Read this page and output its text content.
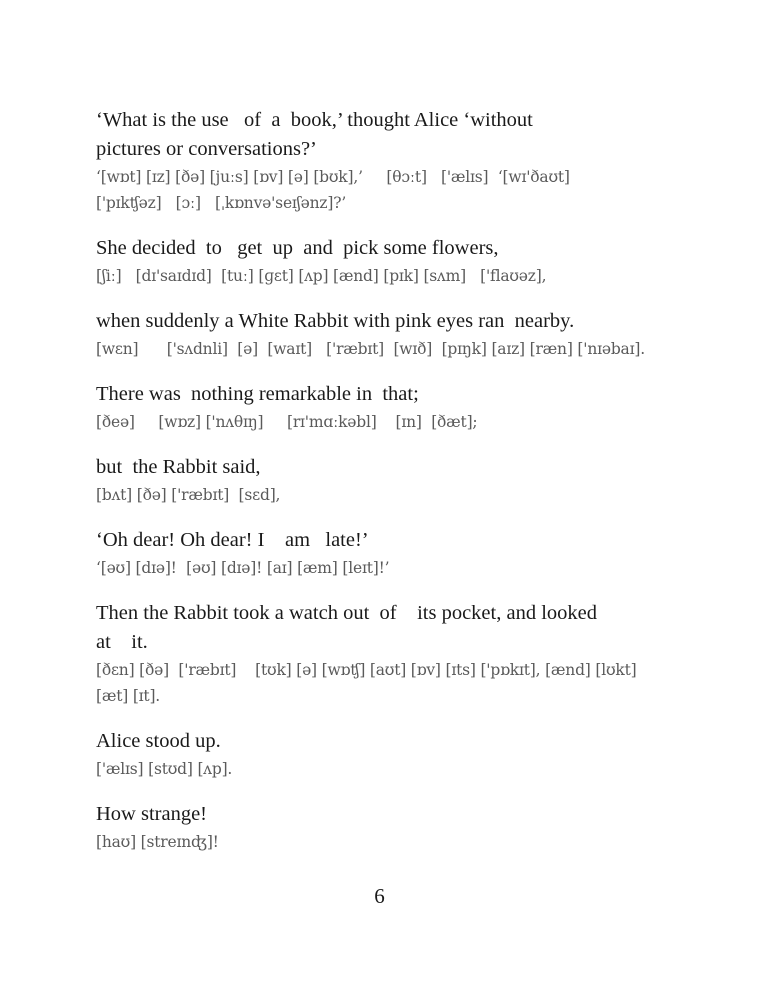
‘What is the use   of  a  book,’ thought Alice ‘without

pictures or conversations?’

‘[wɒt] [ɪz] [ðə] [juːs] [ɒv] [ə] [bʊk],’     [θɔːt]   ['ælɪs]  ‘[wɪ'ðaʊt]

['pɪkʧəz]   [ɔː]   [ˌkɒnvə'seɪʃənz]?’

She decided  to   get  up  and  pick some flowers,

[ʃiː]   [dɪ'saɪdɪd]  [tuː] [ɡɛt] [ʌp] [ænd] [pɪk] [sʌm]   ['flaʊəz],

when suddenly a White Rabbit with pink eyes ran  nearby.

[wɛn]      ['sʌdnli]  [ə]  [waɪt]   ['ræbɪt]  [wɪð]  [pɪŋk] [aɪz] [ræn] ['nɪəbaɪ].

There was  nothing remarkable in  that;

[ðeə]     [wɒz] ['nʌθɪŋ]     [rɪ'mɑːkəbl]    [ɪn]  [ðæt];

but  the Rabbit said,

[bʌt] [ðə] ['ræbɪt]  [sɛd],

‘Oh dear! Oh dear! I    am   late!’

‘[əʊ] [dɪə]!  [əʊ] [dɪə]! [aɪ] [æm] [leɪt]!’

Then the Rabbit took a watch out  of    its pocket, and looked

at    it.

[ðɛn] [ðə]  ['ræbɪt]    [tʊk] [ə] [wɒʧ] [aʊt] [ɒv] [ɪts] ['pɒkɪt], [ænd] [lʊkt]

[æt] [ɪt].

Alice stood up.

['ælɪs] [stʊd] [ʌp].

How strange!

[haʊ] [streɪnʤ]!

6
